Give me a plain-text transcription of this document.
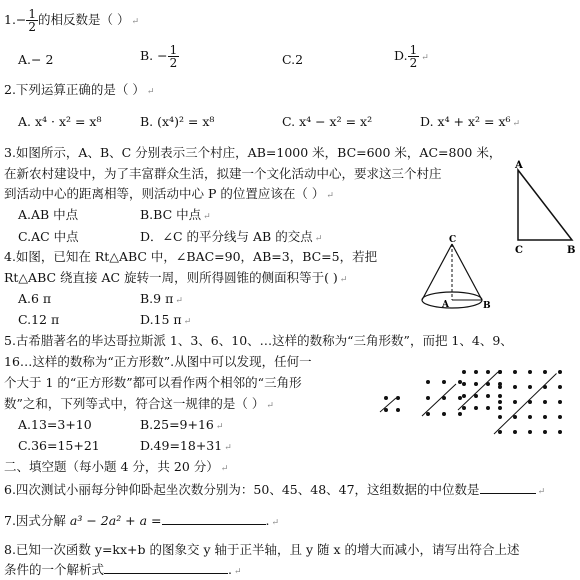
$1.- \frac{1}{2}$ 的相反数是（ ） ↵
A.− 2	B. − $\frac{1}{2}$	C.2	D. $\frac{1}{2}$ ↵
2.下列运算正确的是（ ） ↵
A. x⁴ · x² = x⁸	B. (x⁴)² = x⁸	C. x⁴ − x² = x²	D. x⁴ + x² = x⁶ ↵
3.如图所示，A、B、C 分别表示三个村庄，AB=1000 米，BC=600 米，AC=800 米，
在新农村建设中，为了丰富群众生活，拟建一个文化活动中心，要求这三个村庄
到活动中心的距离相等，则活动中心 P 的位置应该在（ ） ↵
A.AB 中点	B.BC 中点 ↵
C.AC 中点	D．∠C 的平分线与 AB 的交点 ↵
A
C	B
4.如图，已知在 Rt△ABC 中，∠BAC=90，AB=3，BC=5，若把
Rt△ABC 绕直接 AC 旋转一周，则所得圆锥的侧面积等于( ) ↵
A.6 π	B.9 π ↵
C.12 π	D.15 π ↵
C
A	B
5.古希腊著名的毕达哥拉斯派 1、3、6、10、…这样的数称为“三角形数”，而把 1、4、9、
16…这样的数称为“正方形数”.从图中可以发现，任何一
个大于 1 的“正方形数”都可以看作两个相邻的“三角形
数”之和，下列等式中，符合这一规律的是（ ） ↵
A.13=3+10	B.25=9+16 ↵
C.36=15+21	D.49=18+31 ↵
二、填空题（每小题 4 分，共 20 分） ↵
6.四次测试小丽每分钟仰卧起坐次数分别为：50、45、48、47，这组数据的中位数是	↵
7.因式分解 a³ − 2a² + a =	. ↵
8.已知一次函数 y=kx+b 的图象交 y 轴于正半轴，且 y 随 x 的增大而减小，请写出符合上述
条件的一个解析式	. ↵
